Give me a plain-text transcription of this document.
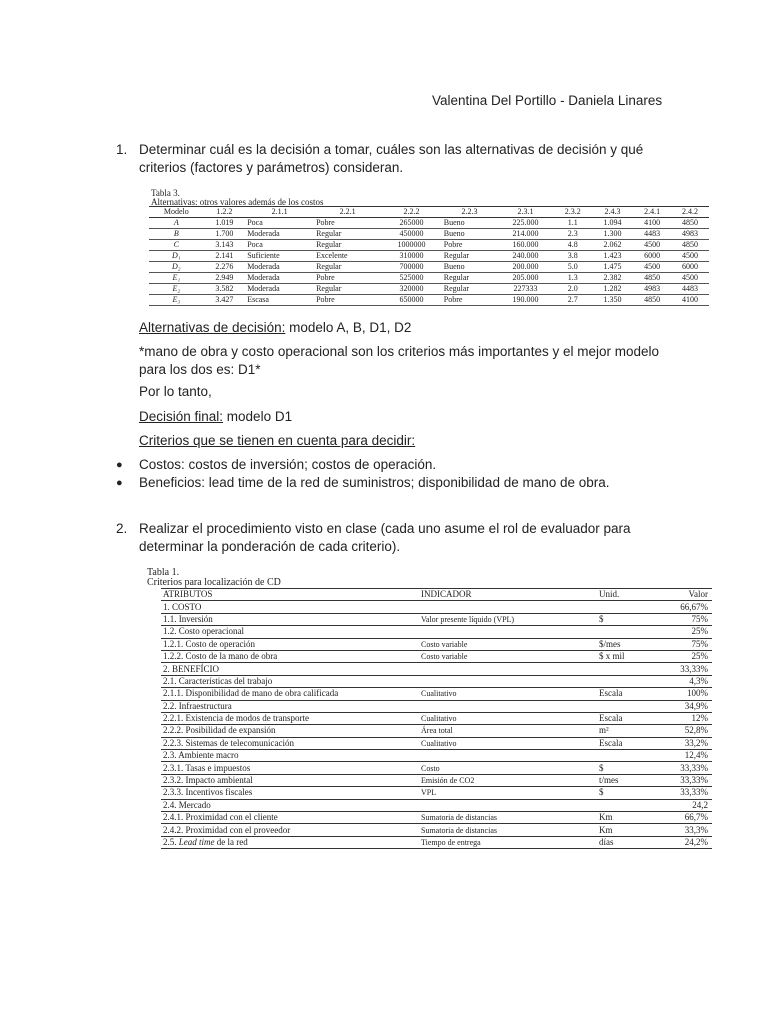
Valentina Del Portillo - Daniela Linares
1. Determinar cuál es la decisión a tomar, cuáles son las alternativas de decisión y qué criterios (factores y parámetros) consideran.
Tabla 3.
Alternativas: otros valores además de los costos
Modelo	1.2.2	2.1.1	2.2.1	2.2.2	2.2.3	2.3.1	2.3.2	2.4.3	2.4.1	2.4.2
A	1.019	Poca	Pobre	265000	Bueno	225.000	1.1	1.094	4100	4850
B	1.700	Moderada	Regular	450000	Bueno	214.000	2.3	1.300	4483	4983
C	3.143	Poca	Regular	1000000	Pobre	160.000	4.8	2.062	4500	4850
D₁	2.141	Suficiente	Excelente	310000	Regular	240.000	3.8	1.423	6000	4500
D₂	2.276	Moderada	Regular	700000	Bueno	200.000	5.0	1.475	4500	6000
E₁	2.949	Moderada	Pobre	525000	Regular	205.000	1.3	2.382	4850	4500
E₂	3.582	Moderada	Regular	320000	Regular	227333	2.0	1.282	4983	4483
E₃	3.427	Escasa	Pobre	650000	Pobre	190.000	2.7	1.350	4850	4100
Alternativas de decisión: modelo A, B, D1, D2
*mano de obra y costo operacional son los criterios más importantes y el mejor modelo para los dos es: D1*
Por lo tanto,
Decisión final: modelo D1
Criterios que se tienen en cuenta para decidir:
● Costos: costos de inversión; costos de operación.
● Beneficios: lead time de la red de suministros; disponibilidad de mano de obra.
2. Realizar el procedimiento visto en clase (cada uno asume el rol de evaluador para determinar la ponderación de cada criterio).
Tabla 1.
Criterios para localización de CD
ATRIBUTOS	INDICADOR	Unid.	Valor
1. COSTO			66,67%
1.1. Inversión	Valor presente líquido (VPL)	$	75%
1.2. Costo operacional			25%
1.2.1. Costo de operación	Costo variable	$/mes	75%
1.2.2. Costo de la mano de obra	Costo variable	$ x mil	25%
2. BENEFÍCIO			33,33%
2.1. Características del trabajo			4,3%
2.1.1. Disponibilidad de mano de obra calificada	Cualitativo	Escala	100%
2.2. Infraestructura			34,9%
2.2.1. Existencia de modos de transporte	Cualitativo	Escala	12%
2.2.2. Posibilidad de expansión	Área total	m²	52,8%
2.2.3. Sistemas de telecomunicación	Cualitativo	Escala	33,2%
2.3. Ambiente macro			12,4%
2.3.1. Tasas e impuestos	Costo	$	33,33%
2.3.2. Impacto ambiental	Emisión de CO2	t/mes	33,33%
2.3.3. Incentivos fiscales	VPL	$	33,33%
2.4. Mercado			24,2
2.4.1. Proximidad con el cliente	Sumatoria de distancias	Km	66,7%
2.4.2. Proximidad con el proveedor	Sumatoria de distancias	Km	33,3%
2.5. Lead time de la red	Tiempo de entrega	días	24,2%
